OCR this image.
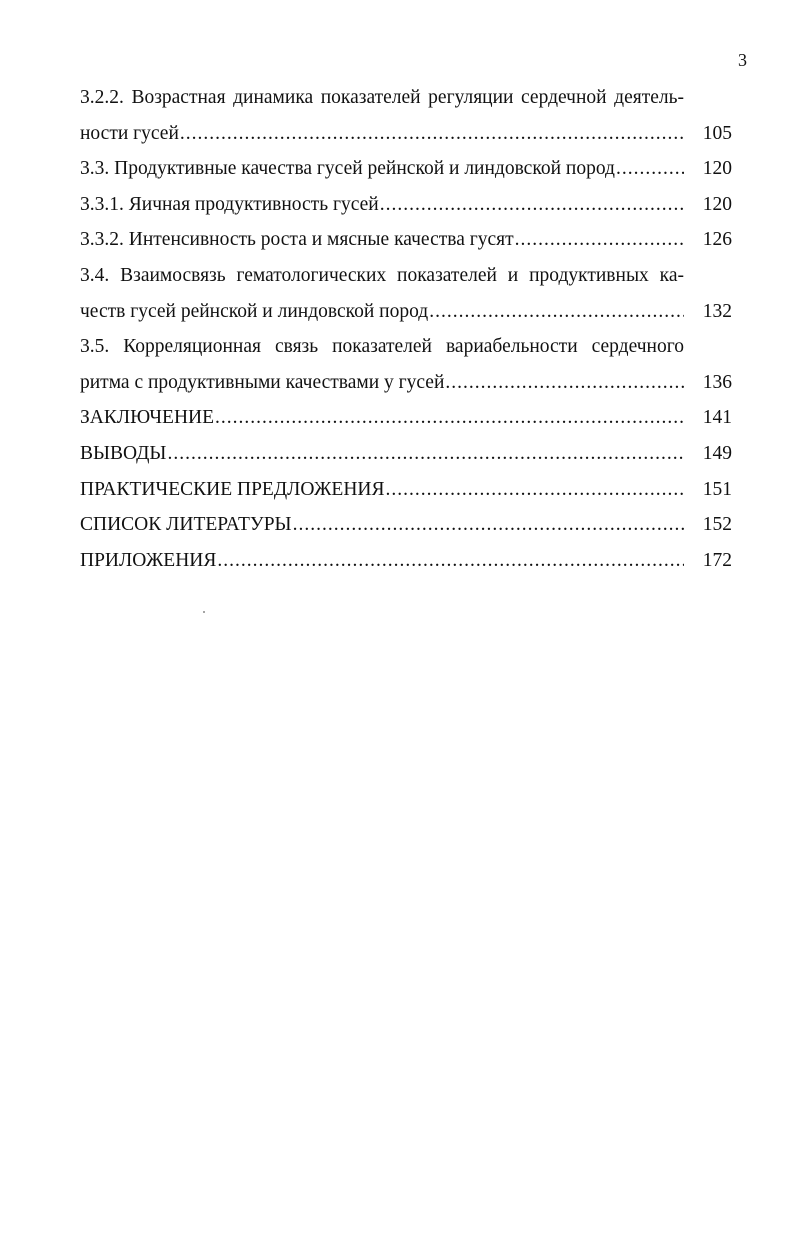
3
3.2.2. Возрастная динамика показателей регуляции сердечной деятель-
ности гусей .....	105
3.3. Продуктивные качества гусей рейнской и линдовской пород .....	120
3.3.1. Яичная продуктивность гусей .....	120
3.3.2. Интенсивность роста и мясные качества гусят .....	126
3.4. Взаимосвязь гематологических показателей и продуктивных ка-
честв гусей рейнской и линдовской пород .....	132
3.5. Корреляционная связь показателей вариабельности сердечного
ритма с продуктивными качествами у гусей .....	136
ЗАКЛЮЧЕНИЕ .....	141
ВЫВОДЫ .....	149
ПРАКТИЧЕСКИЕ ПРЕДЛОЖЕНИЯ .....	151
СПИСОК ЛИТЕРАТУРЫ .....	152
ПРИЛОЖЕНИЯ .....	172
